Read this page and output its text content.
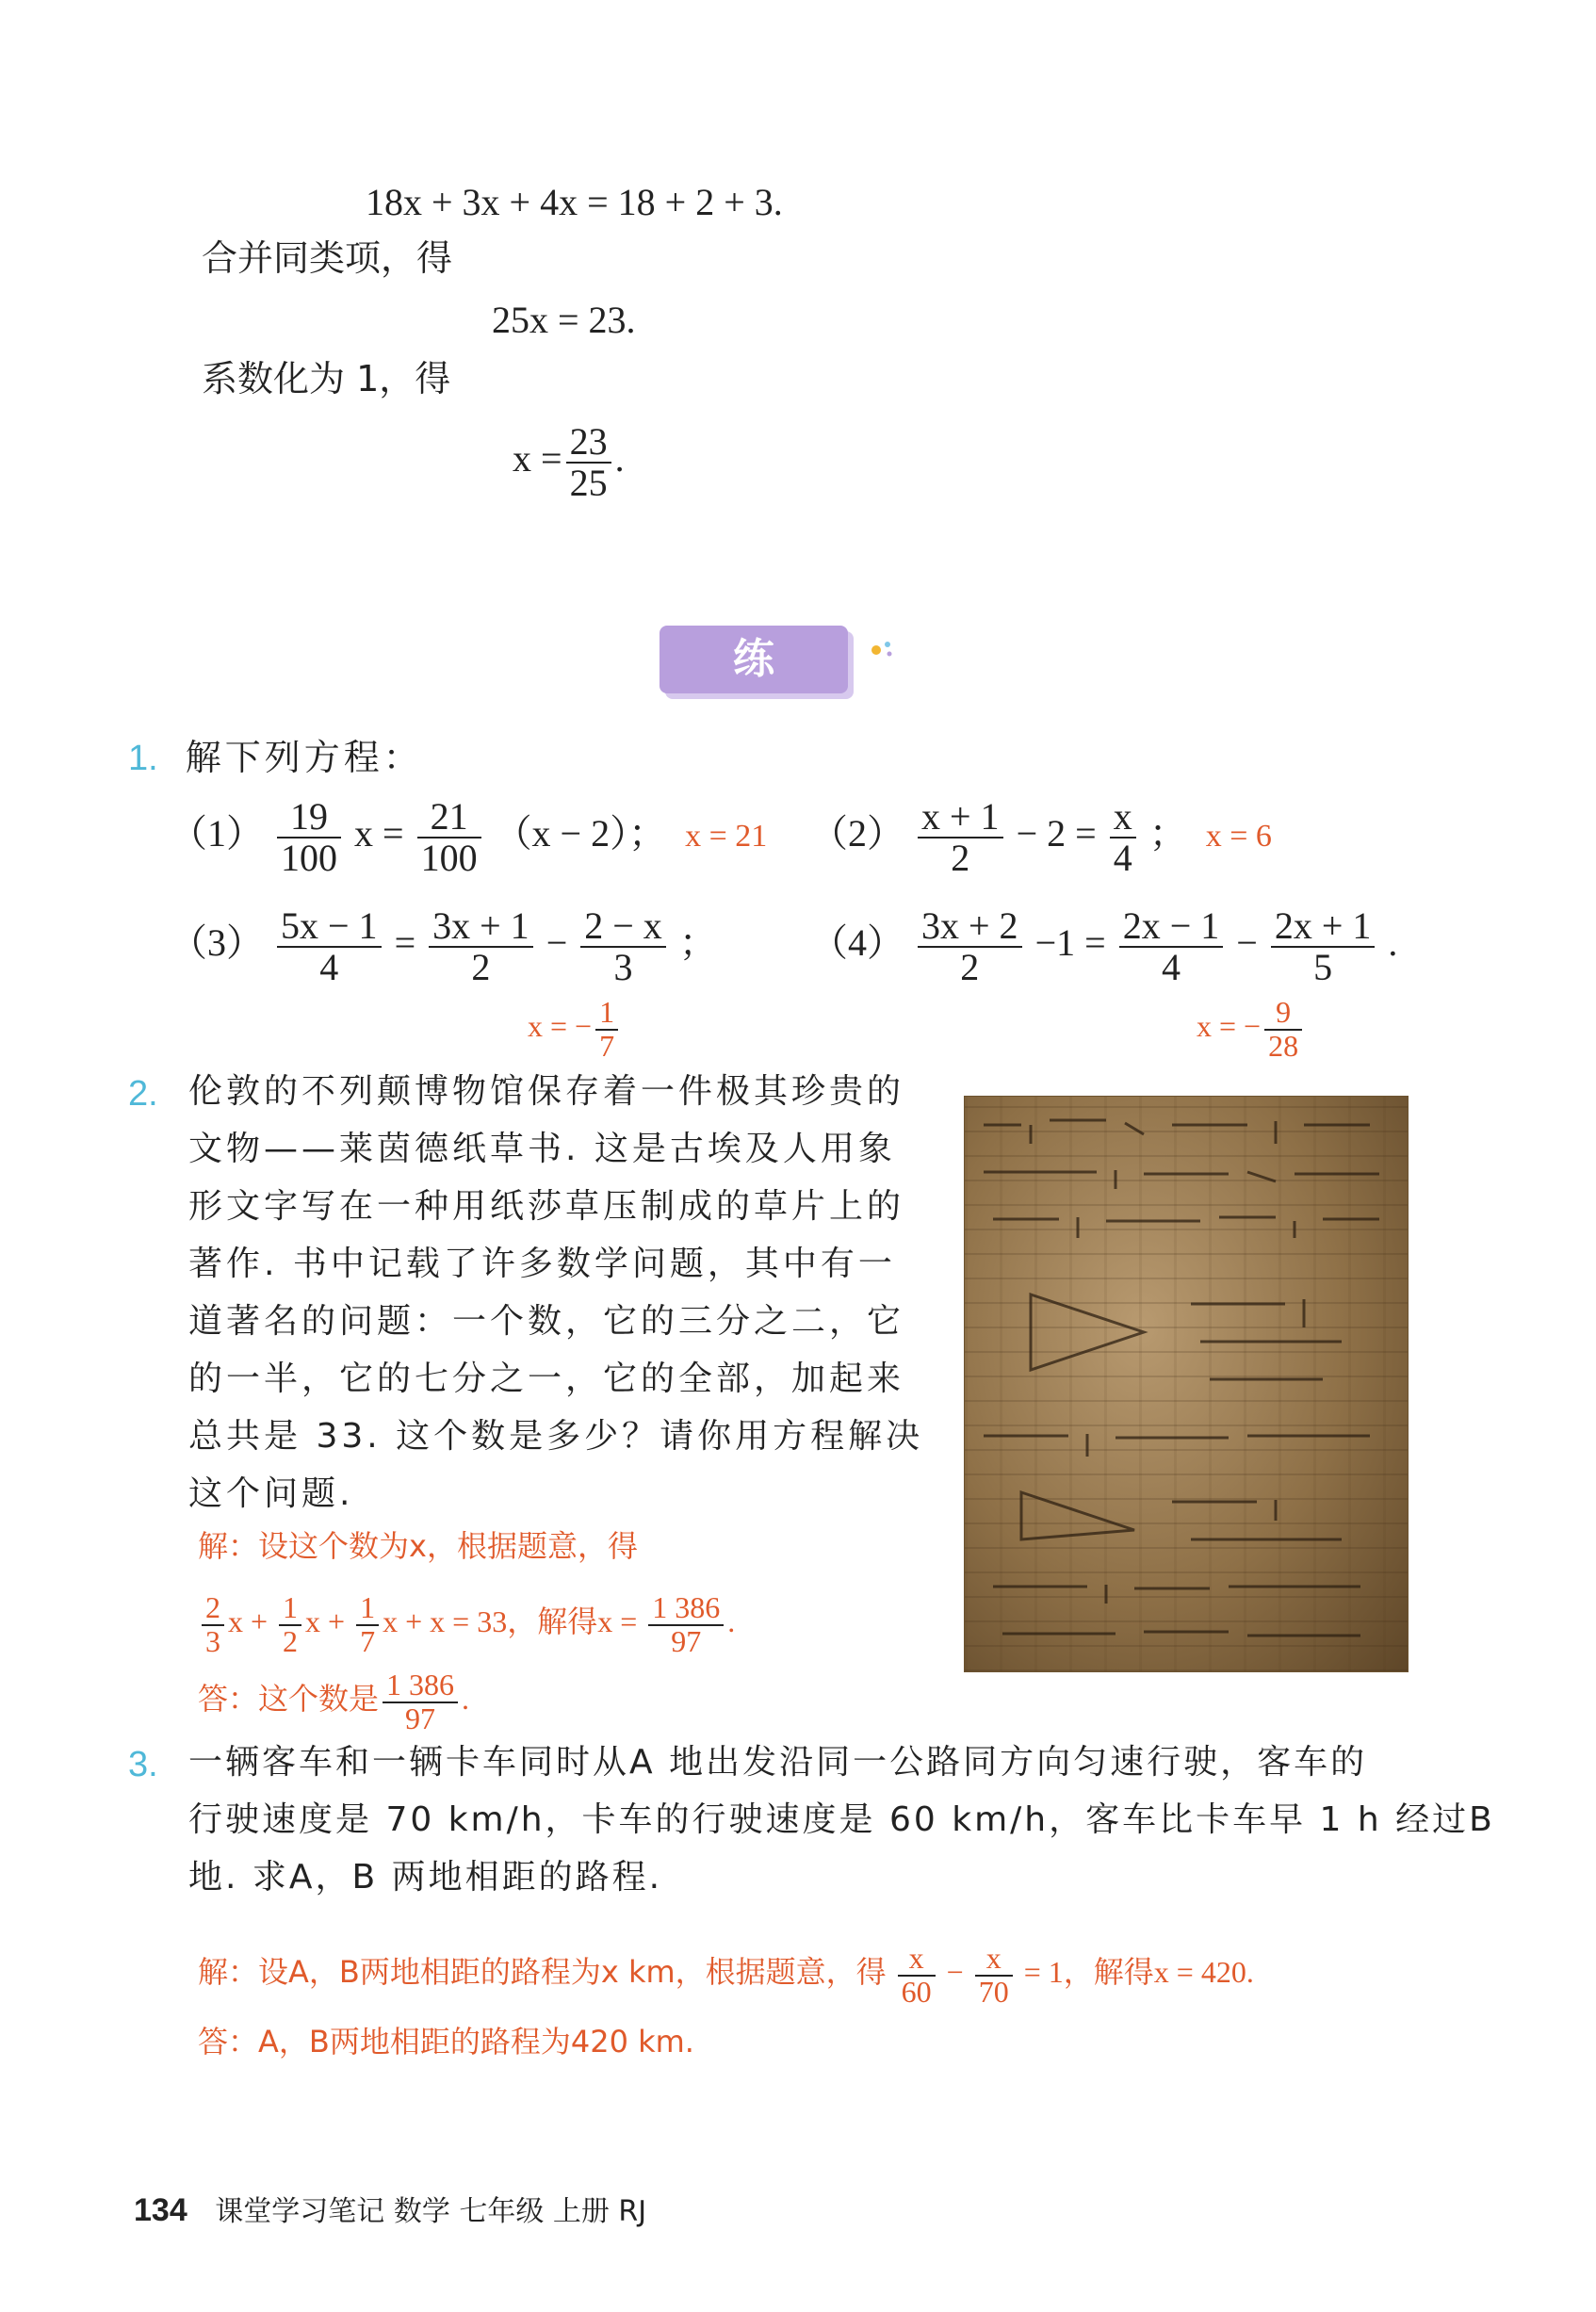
18x + 3x + 4x = 18 + 2 + 3.
合并同类项，得
25x = 23.
系数化为 1，得
$x = \frac{23}{25}$ .
练 习
1. 解下列方程：
$(1) \frac{19}{100}$ $x = \frac{21}{100} (x - 2)$； x = 21 $(2) \frac{x + 1}{2} - 2 = \frac{x}{4}$ ； x = 6
$(3) \frac{5x - 1}{4} = \frac{3x + 1}{2} - \frac{2 - x}{3}$ ；
x = − $\frac{1}{7}$
$(4) \frac{3x + 2}{2} -1 = \frac{2x - 1}{4} - \frac{2x + 1}{5}$ .
x = − $\frac{9}{28}$
2. 伦敦的不列颠博物馆保存着一件极其珍贵的
文物——莱茵德纸草书. 这是古埃及人用象
形文字写在一种用纸莎草压制成的草片上的
著作. 书中记载了许多数学问题，其中有一
道著名的问题：一个数，它的三分之二，它
的一半，它的七分之一，它的全部，加起来
总共是 33. 这个数是多少？请你用方程解决
这个问题.
解：设这个数为x，根据题意，得
$\frac{2}{3}$ $x + \frac{1}{2}$ $x + \frac{1}{7}$ x + x = 33，解得$x = \frac{1 386}{97}$ .
答：这个数是 $\frac{1 386}{97}$ .
3. 一辆客车和一辆卡车同时从A 地出发沿同一公路同方向匀速行驶，客车的
行驶速度是 70 km/h，卡车的行驶速度是 60 km/h，客车比卡车早 1 h 经过B
地. 求A，B 两地相距的路程.
解：设A，B两地相距的路程为x km，根据题意，得 $\frac{x}{60} - \frac{x}{70} = 1$，解得x = 420.
答：A，B两地相距的路程为420 km.
134 课堂学习笔记 数学 七年级 上册 RJ
